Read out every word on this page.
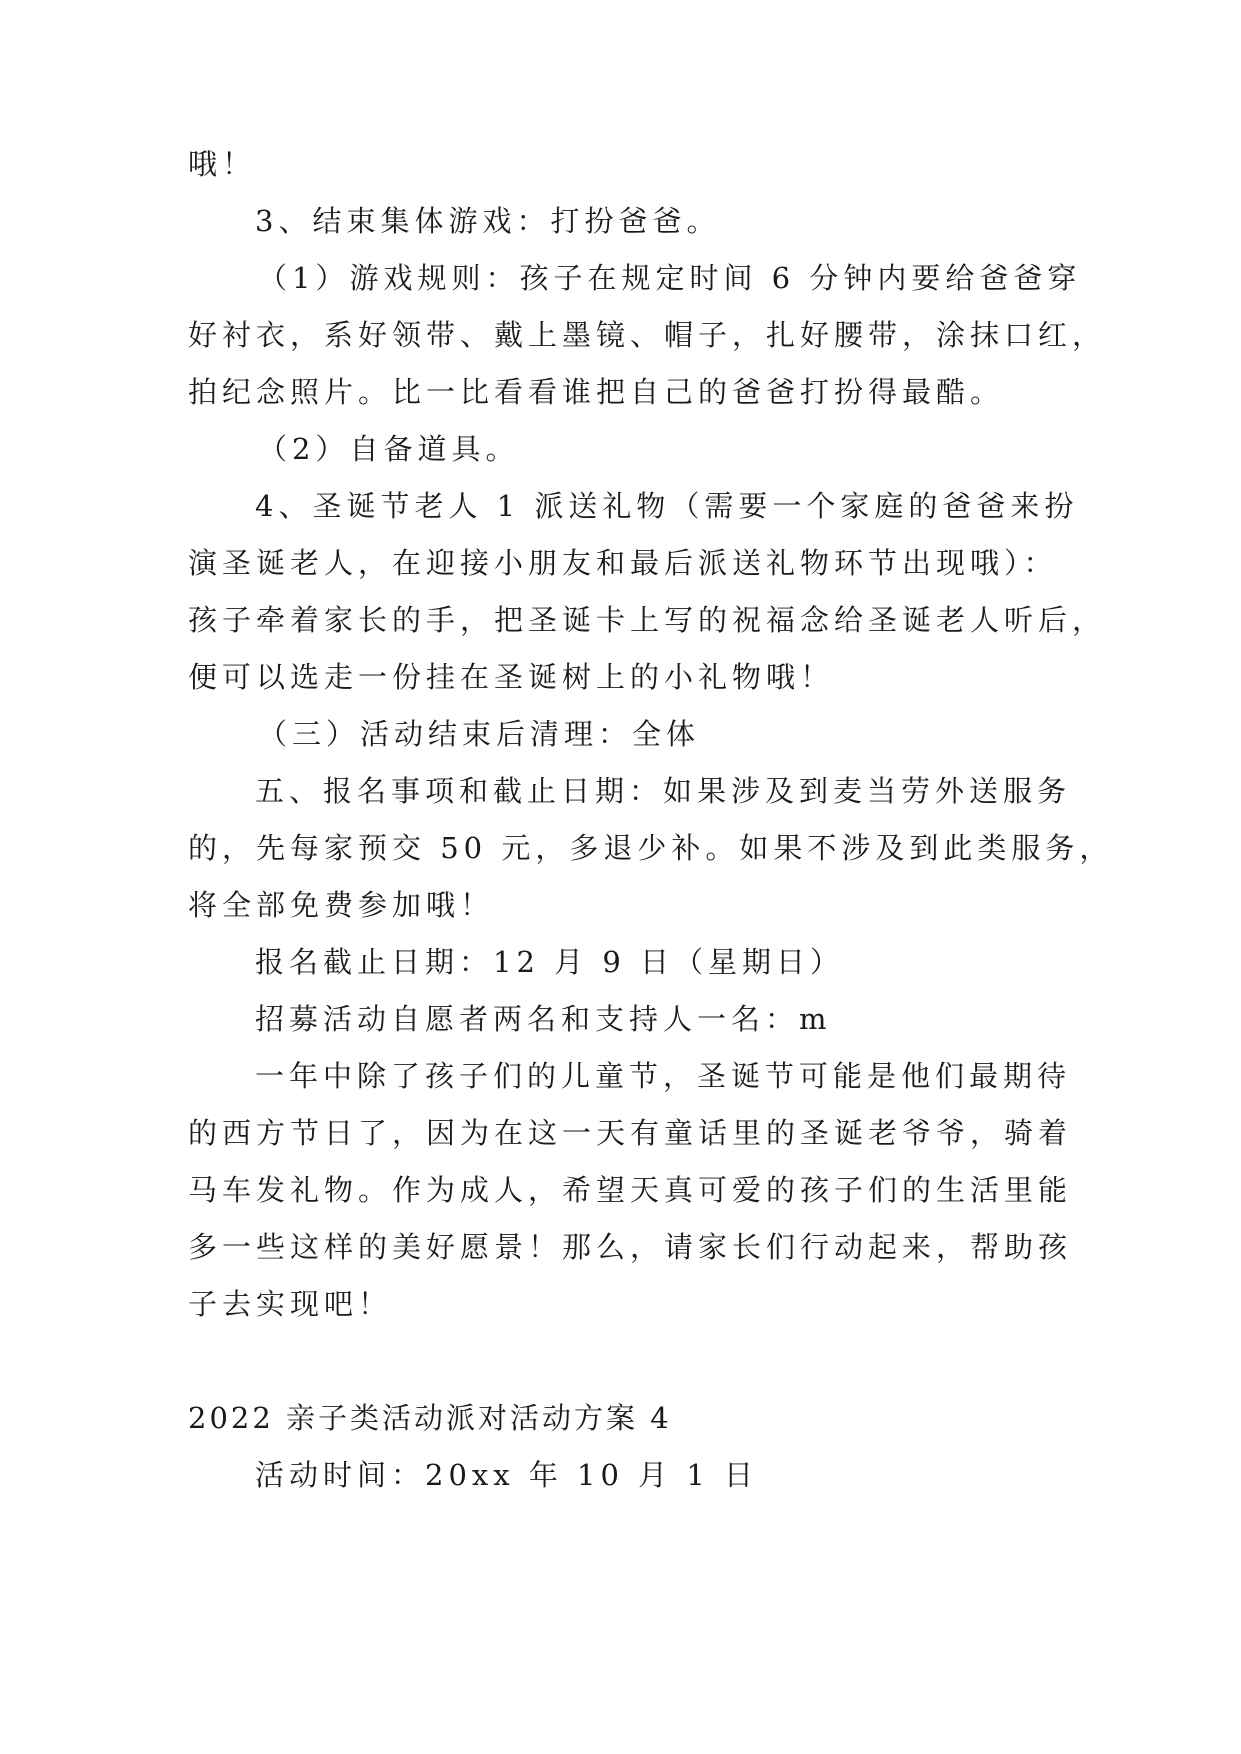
哦！
3、结束集体游戏：打扮爸爸。
（1）游戏规则：孩子在规定时间 6 分钟内要给爸爸穿
好衬衣，系好领带、戴上墨镜、帽子，扎好腰带，涂抹口红，
拍纪念照片。比一比看看谁把自己的爸爸打扮得最酷。
（2）自备道具。
4、圣诞节老人 1 派送礼物（需要一个家庭的爸爸来扮
演圣诞老人，在迎接小朋友和最后派送礼物环节出现哦）：
孩子牵着家长的手，把圣诞卡上写的祝福念给圣诞老人听后，
便可以选走一份挂在圣诞树上的小礼物哦！
（三）活动结束后清理：全体
五、报名事项和截止日期：如果涉及到麦当劳外送服务
的，先每家预交 50 元，多退少补。如果不涉及到此类服务，
将全部免费参加哦！
报名截止日期：12 月 9 日（星期日）
招募活动自愿者两名和支持人一名：m
一年中除了孩子们的儿童节，圣诞节可能是他们最期待
的西方节日了，因为在这一天有童话里的圣诞老爷爷，骑着
马车发礼物。作为成人，希望天真可爱的孩子们的生活里能
多一些这样的美好愿景！那么，请家长们行动起来，帮助孩
子去实现吧！
2022 亲子类活动派对活动方案 4
活动时间：20xx 年 10 月 1 日
